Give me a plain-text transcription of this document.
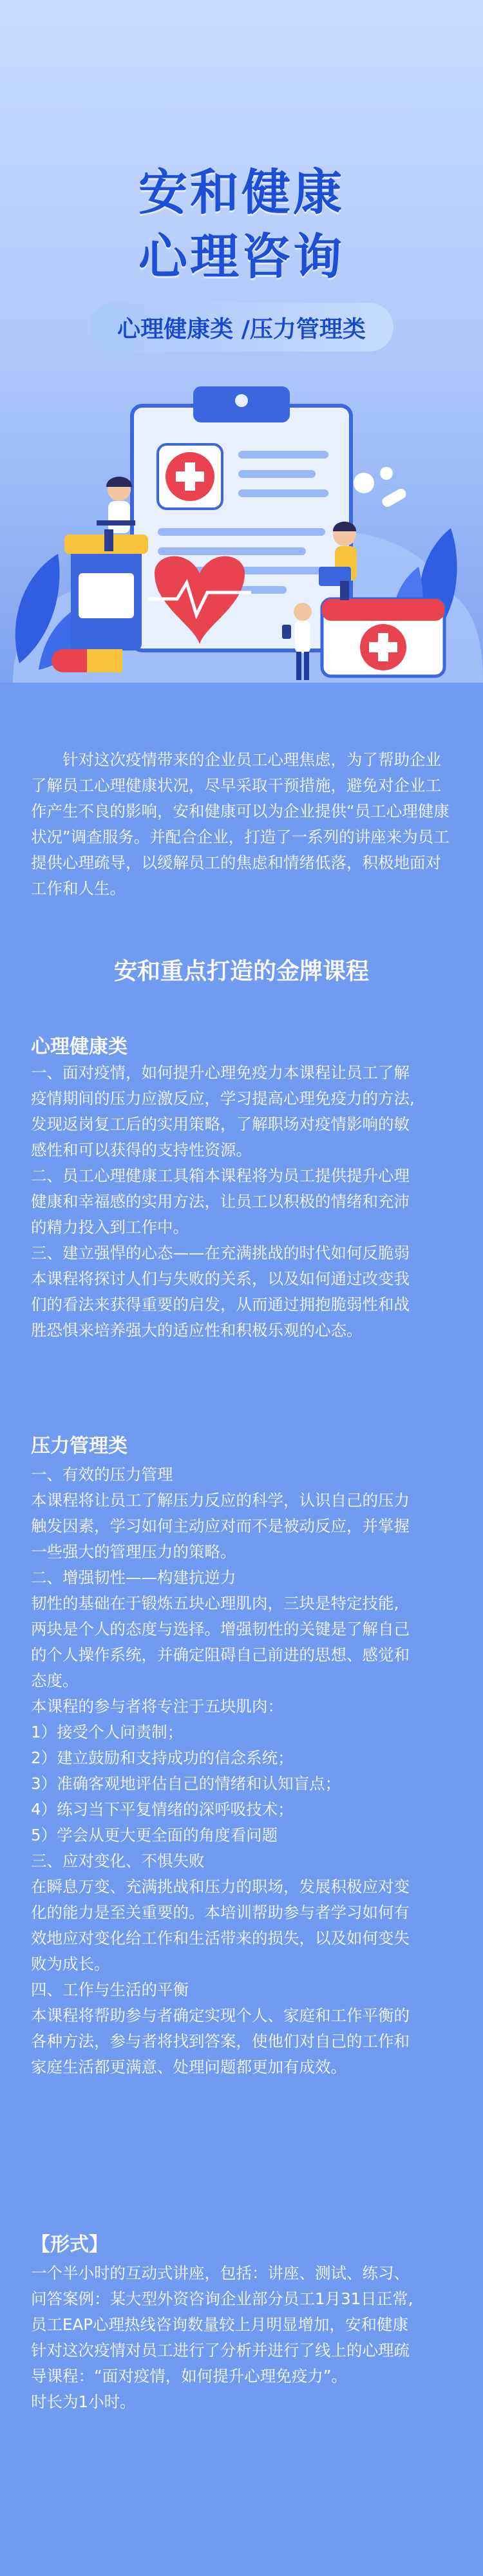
安和健康
心理咨询
心理健康类 /压力管理类

针对这次疫情带来的企业员工心理焦虑，为了帮助企业了解员工心理健康状况，尽早采取干预措施，避免对企业工作产生不良的影响，安和健康可以为企业提供“员工心理健康状况”调查服务。并配合企业，打造了一系列的讲座来为员工提供心理疏导，以缓解员工的焦虑和情绪低落，积极地面对工作和人生。

安和重点打造的金牌课程
心理健康类
一、面对疫情，如何提升心理免疫力本课程让员工了解
疫情期间的压力应激反应，学习提高心理免疫力的方法,
发现返岗复工后的实用策略，了解职场对疫情影响的敏
感性和可以获得的支持性资源。
二、员工心理健康工具箱本课程将为员工提供提升心理
健康和幸福感的实用方法，让员工以积极的情绪和充沛
的精力投入到工作中。
三、建立强悍的心态——在充满挑战的时代如何反脆弱
本课程将探讨人们与失败的关系，以及如何通过改变我
们的看法来获得重要的启发，从而通过拥抱脆弱性和战
胜恐惧来培养强大的适应性和积极乐观的心态。
压力管理类
一、有效的压力管理
本课程将让员工了解压力反应的科学，认识自己的压力
触发因素，学习如何主动应对而不是被动反应，并掌握
一些强大的管理压力的策略。
二、增强韧性——构建抗逆力
韧性的基础在于锻炼五块心理肌肉，三块是特定技能,
两块是个人的态度与选择。增强韧性的关键是了解自己
的个人操作系统，并确定阻碍自己前进的思想、感觉和
态度。
本课程的参与者将专注于五块肌肉：
1）接受个人问责制；
2）建立鼓励和支持成功的信念系统；
3）准确客观地评估自己的情绪和认知盲点；
4）练习当下平复情绪的深呼吸技术；
5）学会从更大更全面的角度看问题
三、应对变化、不惧失败
在瞬息万变、充满挑战和压力的职场，发展积极应对变
化的能力是至关重要的。本培训帮助参与者学习如何有
效地应对变化给工作和生活带来的损失，以及如何变失
败为成长。
四、工作与生活的平衡
本课程将帮助参与者确定实现个人、家庭和工作平衡的
各种方法，参与者将找到答案，使他们对自己的工作和
家庭生活都更满意、处理问题都更加有成效。
【形式】
一个半小时的互动式讲座，包括：讲座、测试、练习、
问答案例：某大型外资咨询企业部分员工1月31日正常,
员工EAP心理热线咨询数量较上月明显增加，安和健康
针对这次疫情对员工进行了分析并进行了线上的心理疏
导课程：“面对疫情，如何提升心理免疫力”。
时长为1小时。
